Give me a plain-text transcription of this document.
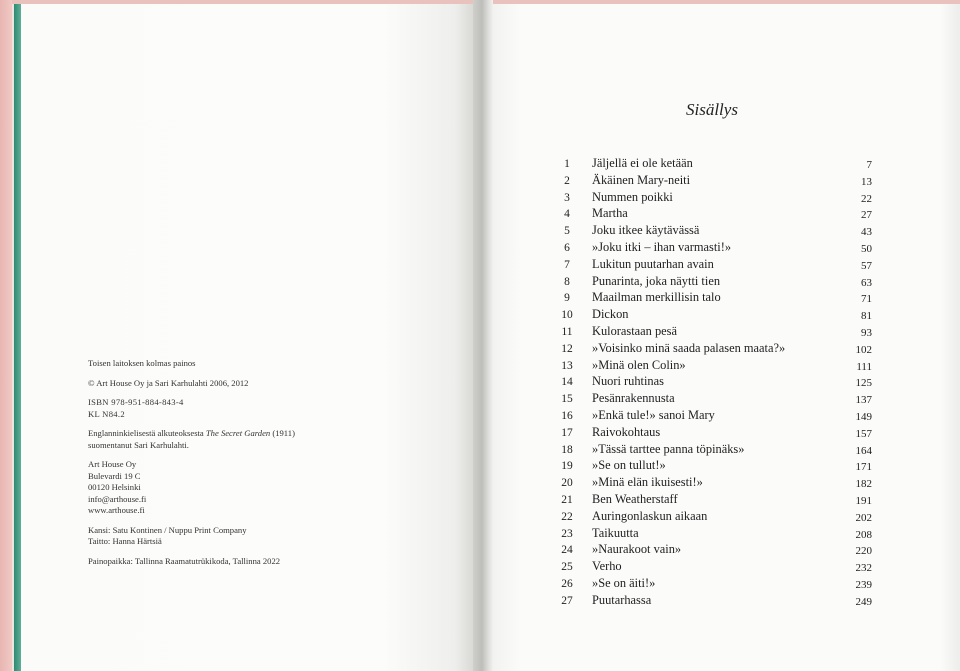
Toisen laitoksen kolmas painos

© Art House Oy ja Sari Karhulahti 2006, 2012

ISBN 978-951-884-843-4

KL N84.2

Englanninkielisestä alkuteoksesta The Secret Garden (1911)

suomentanut Sari Karhulahti.

Art House Oy

Bulevardi 19 C

00120 Helsinki

info@arthouse.fi

www.arthouse.fi

Kansi: Satu Kontinen / Nuppu Print Company

Taitto: Hanna Härtsiä

Painopaikka: Tallinna Raamatutrükikoda, Tallinna 2022

Sisällys
1	Jäljellä ei ole ketään	7
2	Äkäinen Mary-neiti	13
3	Nummen poikki	22
4	Martha	27
5	Joku itkee käytävässä	43
6	»Joku itki – ihan varmasti!»	50
7	Lukitun puutarhan avain	57
8	Punarinta, joka näytti tien	63
9	Maailman merkillisin talo	71
10	Dickon	81
11	Kulorastaan pesä	93
12	»Voisinko minä saada palasen maata?»	102
13	»Minä olen Colin»	111
14	Nuori ruhtinas	125
15	Pesänrakennusta	137
16	»Enkä tule!» sanoi Mary	149
17	Raivokohtaus	157
18	»Tässä tarttee panna töpinäks»	164
19	»Se on tullut!»	171
20	»Minä elän ikuisesti!»	182
21	Ben Weatherstaff	191
22	Auringonlaskun aikaan	202
23	Taikuutta	208
24	»Naurakoot vain»	220
25	Verho	232
26	»Se on äiti!»	239
27	Puutarhassa	249
